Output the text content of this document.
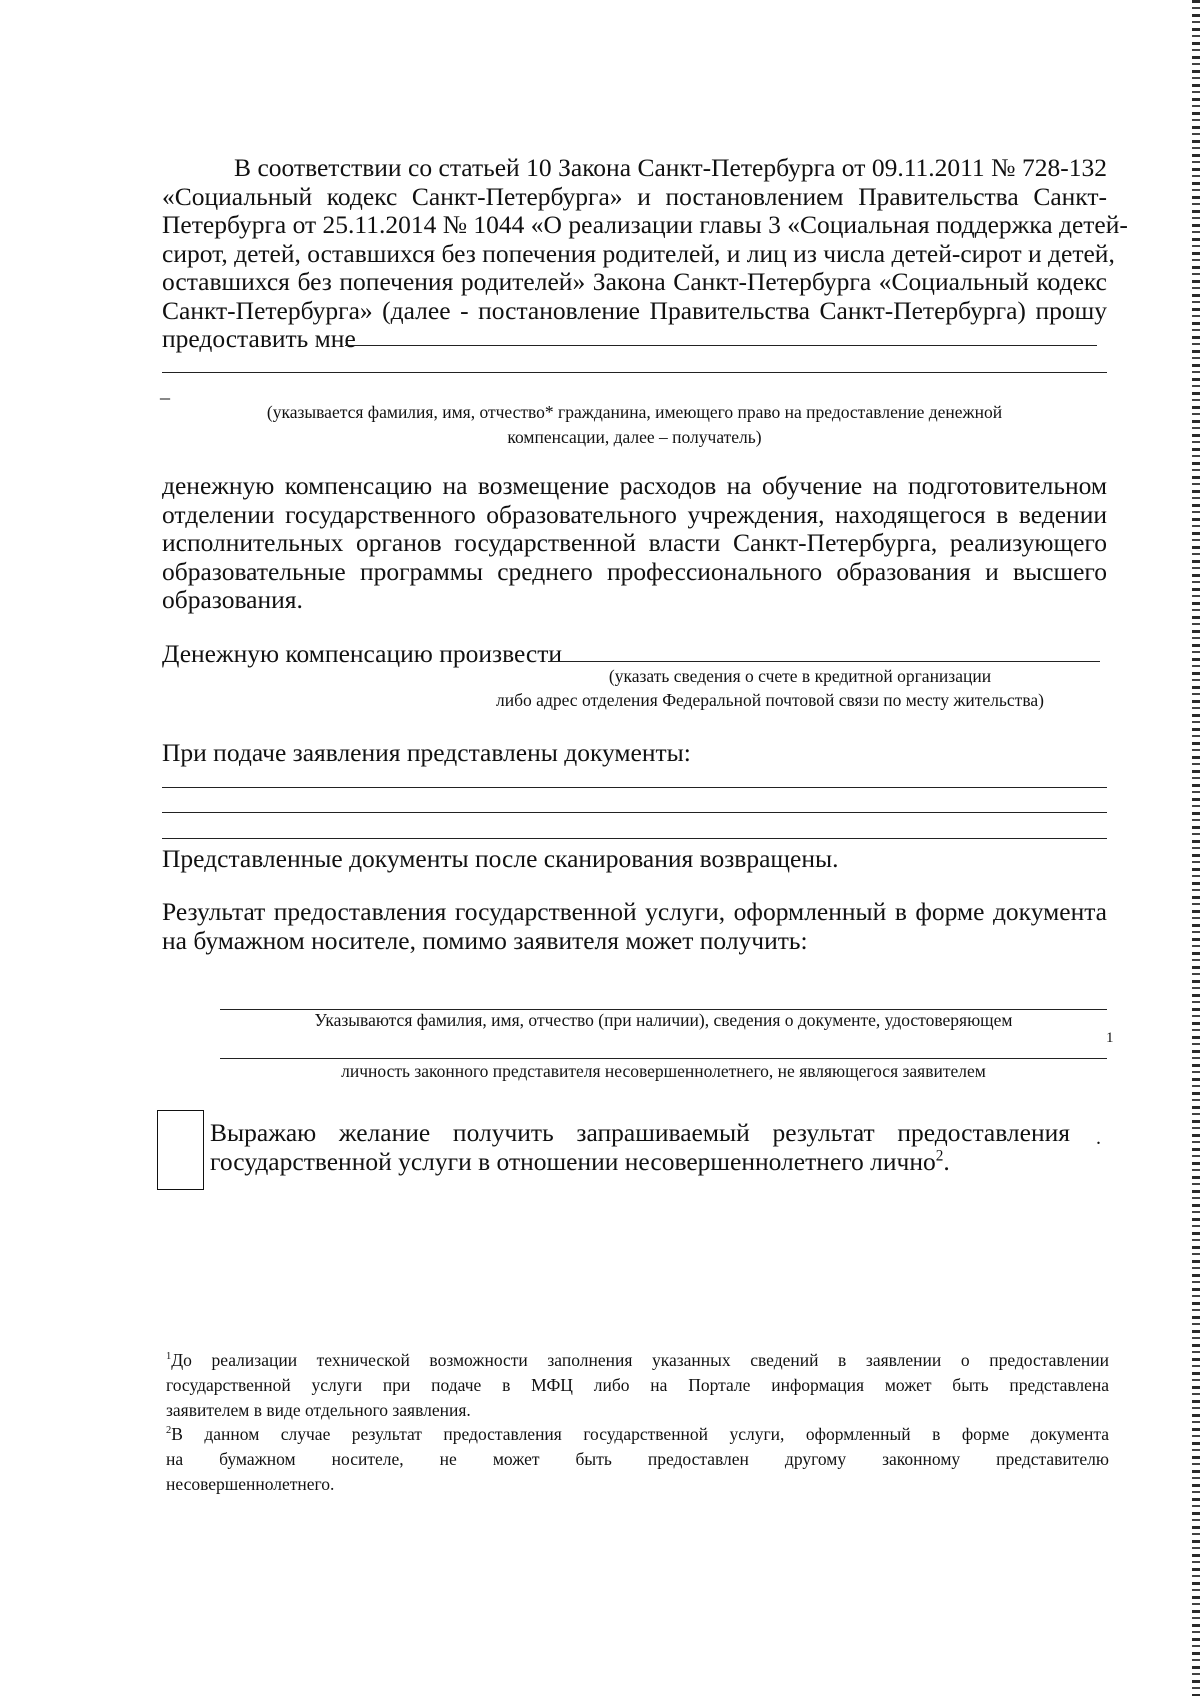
В соответствии со статьей 10 Закона Санкт-Петербурга от 09.11.2011 № 728-132
«Социальный кодекс Санкт-Петербурга» и постановлением Правительства Санкт-
Петербурга от 25.11.2014 № 1044 «О реализации главы 3 «Социальная поддержка детей-
сирот, детей, оставшихся без попечения родителей, и лиц из числа детей-сирот и детей,
оставшихся без попечения родителей» Закона Санкт-Петербурга «Социальный кодекс
Санкт-Петербурга» (далее - постановление Правительства Санкт-Петербурга) прошу
предоставить мне
_
(указывается фамилия, имя, отчество* гражданина, имеющего право на предоставление денежной
компенсации, далее – получатель)
денежную компенсацию на возмещение расходов на обучение на подготовительном
отделении государственного образовательного учреждения, находящегося в ведении
исполнительных органов государственной власти Санкт-Петербурга, реализующего
образовательные программы среднего профессионального образования и высшего
образования.
Денежную компенсацию произвести
(указать сведения о счете в кредитной организации
либо адрес отделения Федеральной почтовой связи по месту жительства)
При подаче заявления представлены документы:
Представленные документы после сканирования возвращены.
Результат предоставления государственной услуги, оформленный в форме документа
на бумажном носителе, помимо заявителя может получить:
Указываются фамилия, имя, отчество (при наличии), сведения о документе, удостоверяющем
1
личность законного представителя несовершеннолетнего, не являющегося заявителем
Выражаю желание получить запрашиваемый результат предоставления
государственной услуги в отношении несовершеннолетнего лично$^2$.
.
$^1$До реализации технической возможности заполнения указанных сведений в заявлении о предоставлении
государственной услуги при подаче в МФЦ либо на Портале информация может быть представлена
заявителем в виде отдельного заявления.
$^2$В данном случае результат предоставления государственной услуги, оформленный в форме документа
на бумажном носителе, не может быть предоставлен другому законному представителю
несовершеннолетнего.
